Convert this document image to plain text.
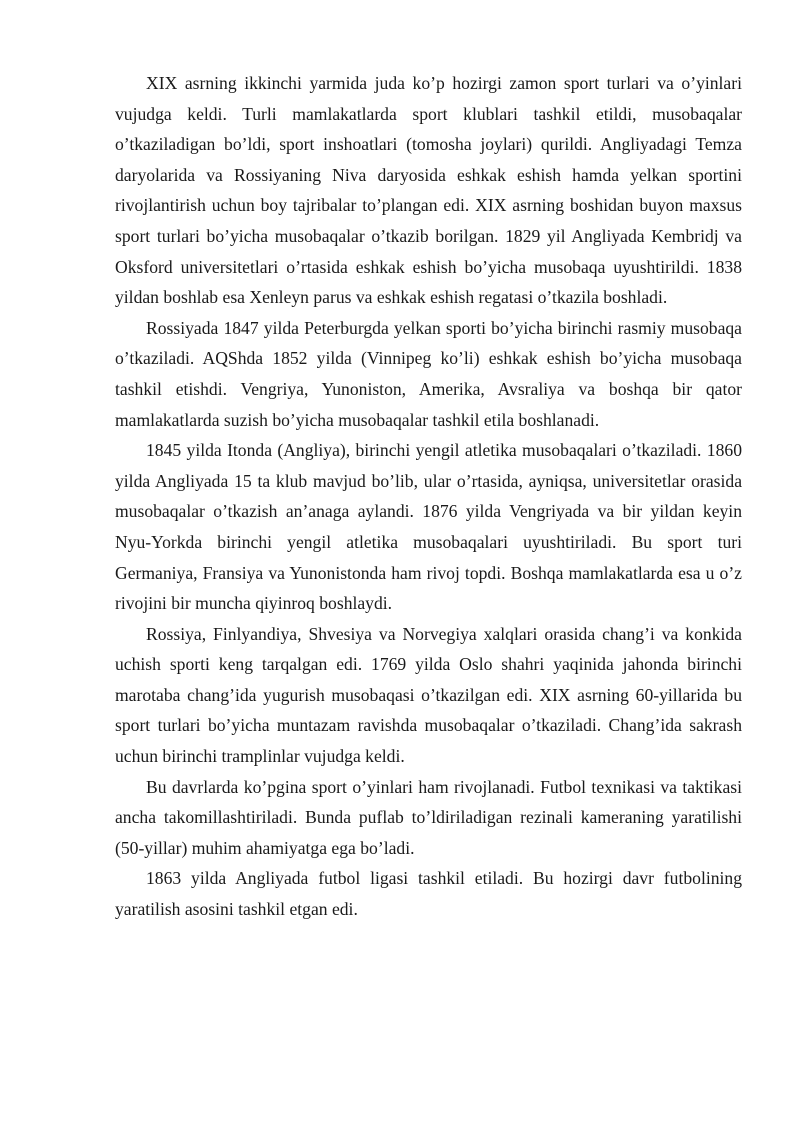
XIX asrning ikkinchi yarmida juda ko’p hozirgi zamon sport turlari va o’yinlari vujudga keldi. Turli mamlakatlarda sport klublari tashkil etildi, musobaqalar o’tkaziladigan bo’ldi, sport inshoatlari (tomosha joylari) qurildi. Angliyadagi Temza daryolarida va Rossiyaning Niva daryosida eshkak eshish hamda yelkan sportini rivojlantirish uchun boy tajribalar to’plangan edi. XIX asrning boshidan buyon maxsus sport turlari bo’yicha musobaqalar o’tkazib borilgan. 1829 yil Angliyada Kembridj va Oksford universitetlari o’rtasida eshkak eshish bo’yicha musobaqa uyushtirildi. 1838 yildan boshlab esa Xenleyn parus va eshkak eshish regatasi o’tkazila boshladi.

Rossiyada 1847 yilda Peterburgda yelkan sporti bo’yicha birinchi rasmiy musobaqa o’tkaziladi. AQShda 1852 yilda (Vinnipeg ko’li) eshkak eshish bo’yicha musobaqa tashkil etishdi. Vengriya, Yunoniston, Amerika, Avsraliya va boshqa bir qator mamlakatlarda suzish bo’yicha musobaqalar tashkil etila boshlanadi.

1845 yilda Itonda (Angliya), birinchi yengil atletika musobaqalari o’tkaziladi. 1860 yilda Angliyada 15 ta klub mavjud bo’lib, ular o’rtasida, ayniqsa, universitetlar orasida musobaqalar o’tkazish an’anaga aylandi. 1876 yilda Vengriyada va bir yildan keyin Nyu-Yorkda birinchi yengil atletika musobaqalari uyushtiriladi. Bu sport turi Germaniya, Fransiya va Yunonistonda ham rivoj topdi. Boshqa mamlakatlarda esa u o’z rivojini bir muncha qiyinroq boshlaydi.

Rossiya, Finlyandiya, Shvesiya va Norvegiya xalqlari orasida chang’i va konkida uchish sporti keng tarqalgan edi. 1769 yilda Oslo shahri yaqinida jahonda birinchi marotaba chang’ida yugurish musobaqasi o’tkazilgan edi. XIX asrning 60-yillarida bu sport turlari bo’yicha muntazam ravishda musobaqalar o’tkaziladi. Chang’ida sakrash uchun birinchi tramplinlar vujudga keldi.

Bu davrlarda ko’pgina sport o’yinlari ham rivojlanadi. Futbol texnikasi va taktikasi ancha takomillashtiriladi. Bunda puflab to’ldiriladigan rezinali kameraning yaratilishi (50-yillar) muhim ahamiyatga ega bo’ladi.

1863 yilda Angliyada futbol ligasi tashkil etiladi. Bu hozirgi davr futbolining yaratilish asosini tashkil etgan edi.
